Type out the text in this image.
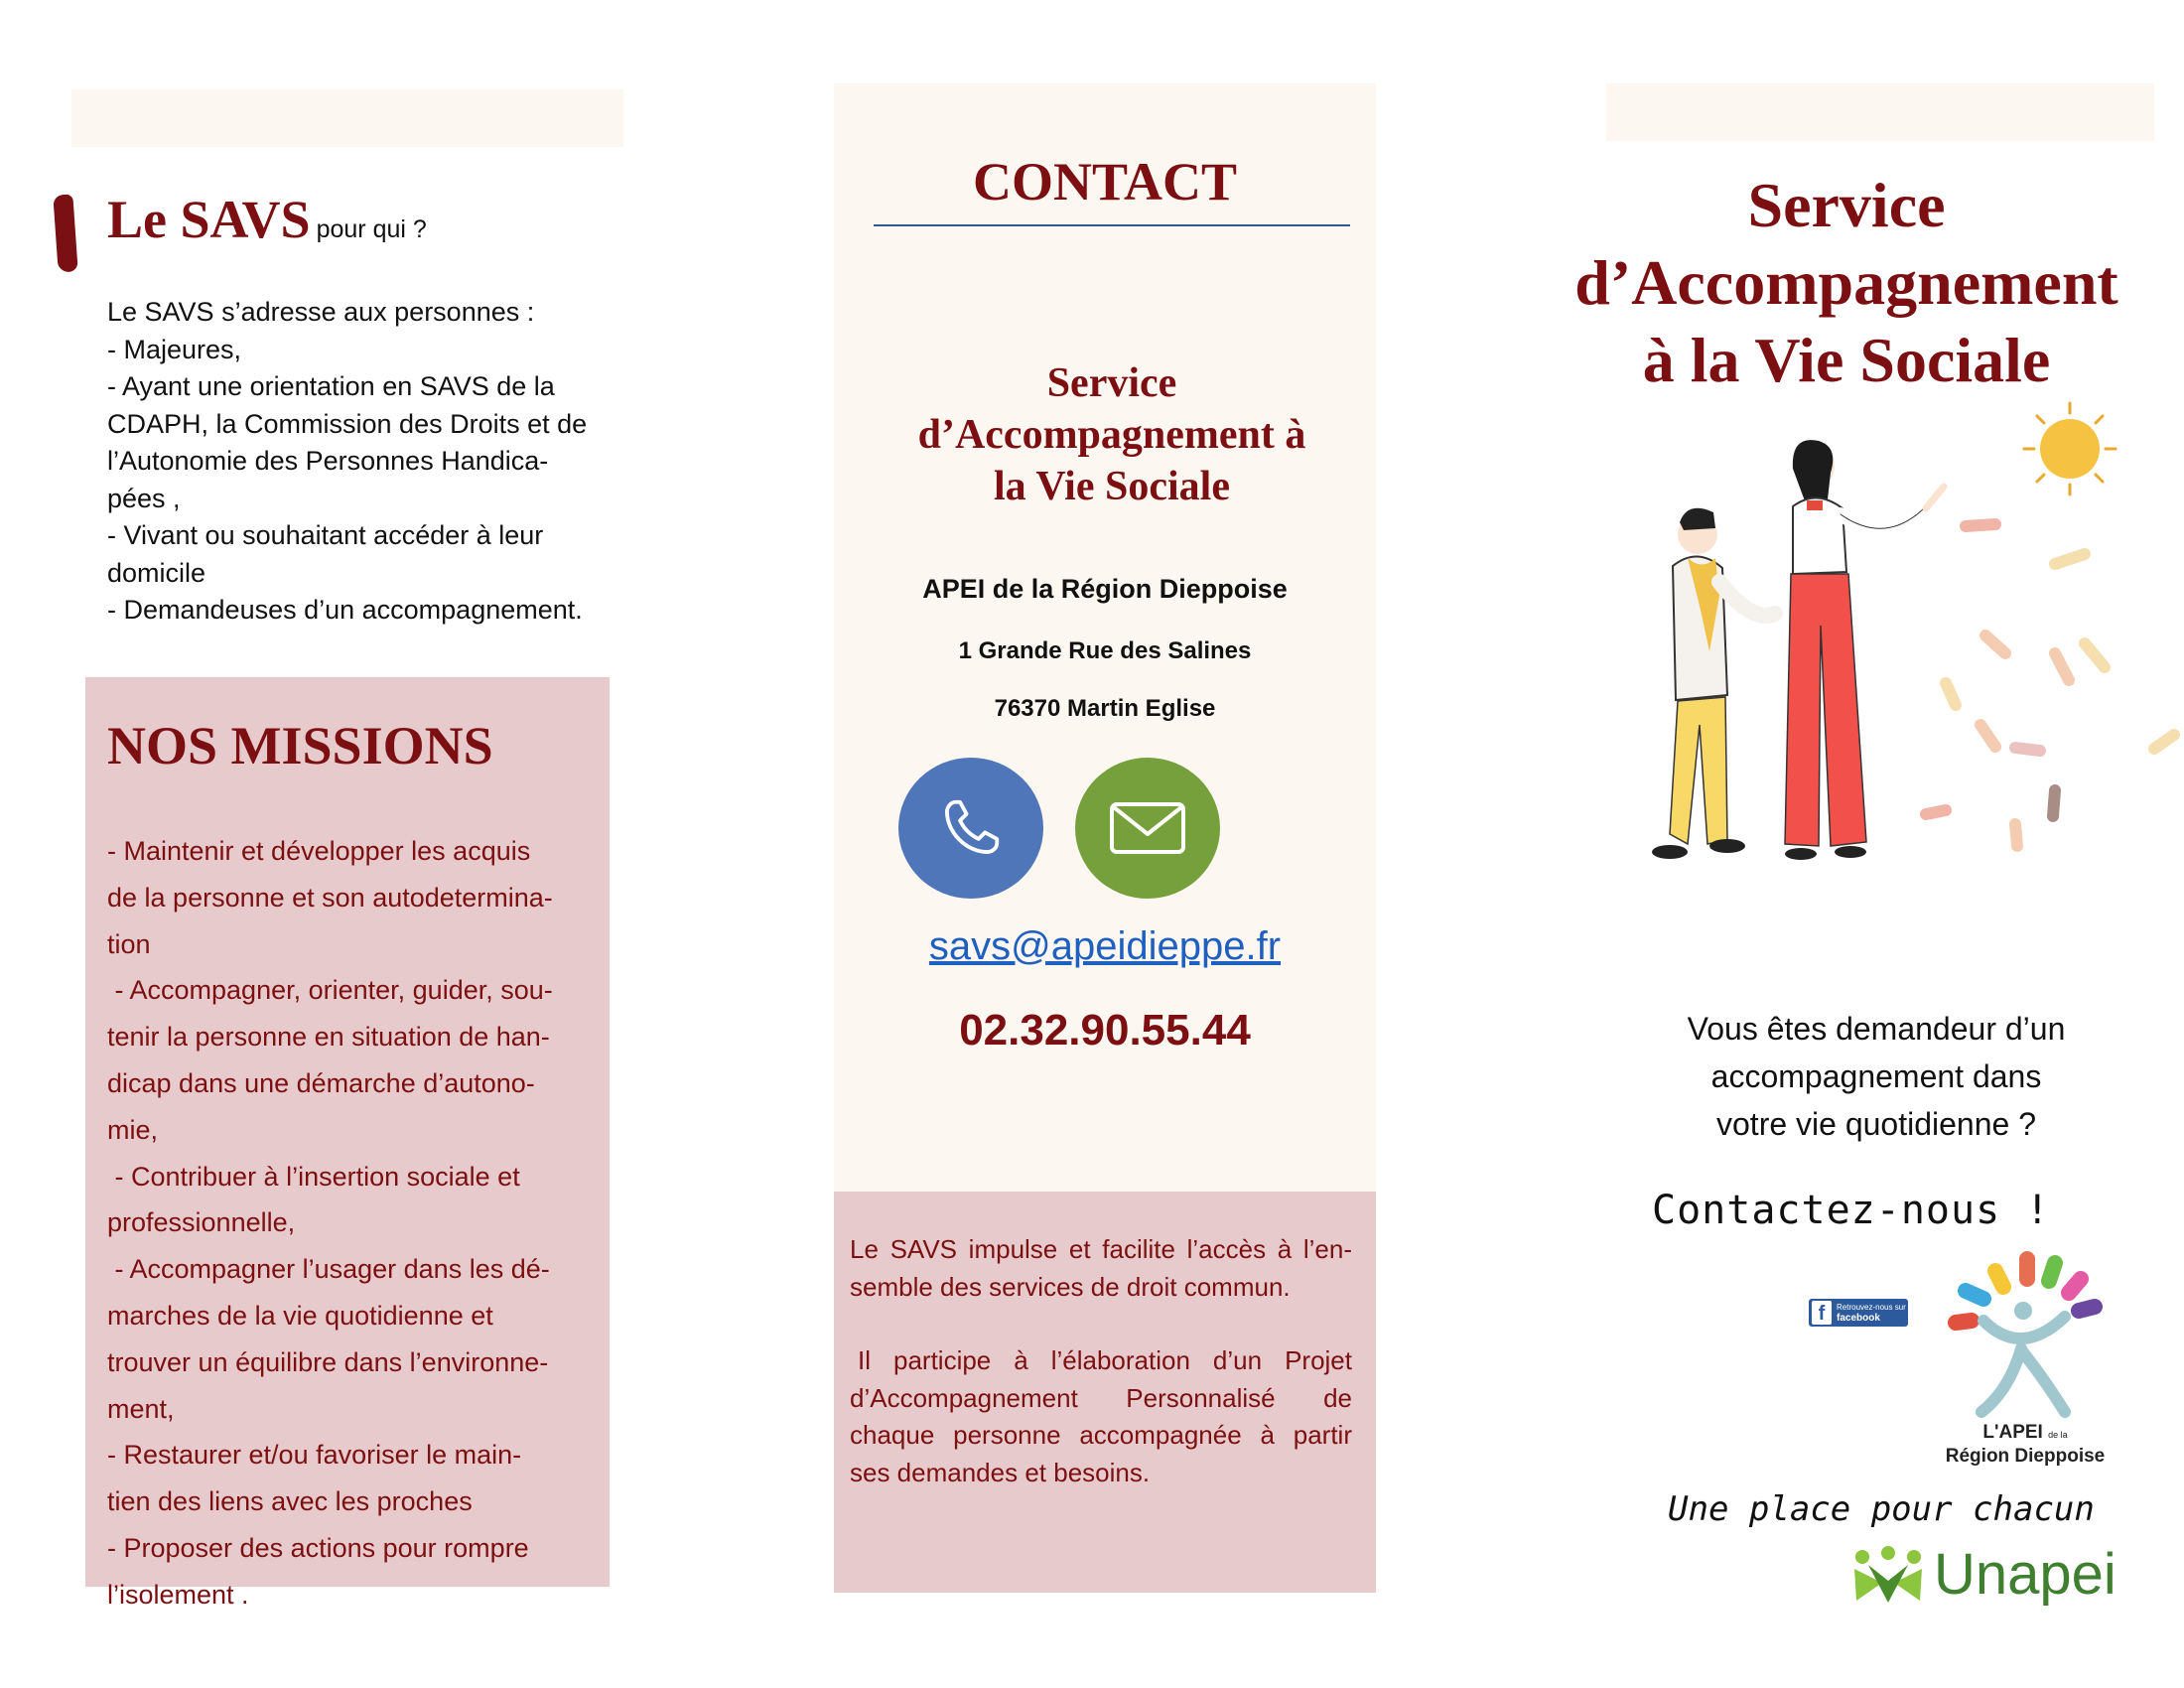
Le SAVS pour qui ?
Le SAVS s’adresse aux personnes :
- Majeures,
- Ayant une orientation en SAVS de la
CDAPH, la Commission des Droits et de
l’Autonomie des Personnes Handica-
pées ,
- Vivant ou souhaitant accéder à leur
domicile
- Demandeuses d’un accompagnement.
NOS MISSIONS
- Maintenir et développer les acquis
de la personne et son autodetermina-
tion
- Accompagner, orienter, guider, sou-
tenir la personne en situation de han-
dicap dans une démarche d’autono-
mie,
- Contribuer à l’insertion sociale et
professionnelle,
- Accompagner l’usager dans les dé-
marches de la vie quotidienne et
trouver un équilibre dans l’environne-
ment,
- Restaurer et/ou favoriser le main-
tien des liens avec les proches
- Proposer des actions pour rompre
l’isolement .
CONTACT
Service
d’Accompagnement à
la Vie Sociale
APEI de la Région Dieppoise
1 Grande Rue des Salines
76370 Martin Eglise
savs@apeidieppe.fr
02.32.90.55.44

Le SAVS impulse et facilite l’accès à l’en-semble des services de droit commun.

Il participe à l’élaboration d’un Projet d’Accompagnement Personnalisé de chaque personne accompagnée à partir ses demandes et besoins.

Service
d’Accompagnement
à la Vie Sociale
Vous êtes demandeur d’un
accompagnement dans
votre vie quotidienne ?
Contactez-nous !
f	Retrouvez-nous sur
facebook
L'APEI de la
Région Dieppoise
Une place pour chacun
Unapei
